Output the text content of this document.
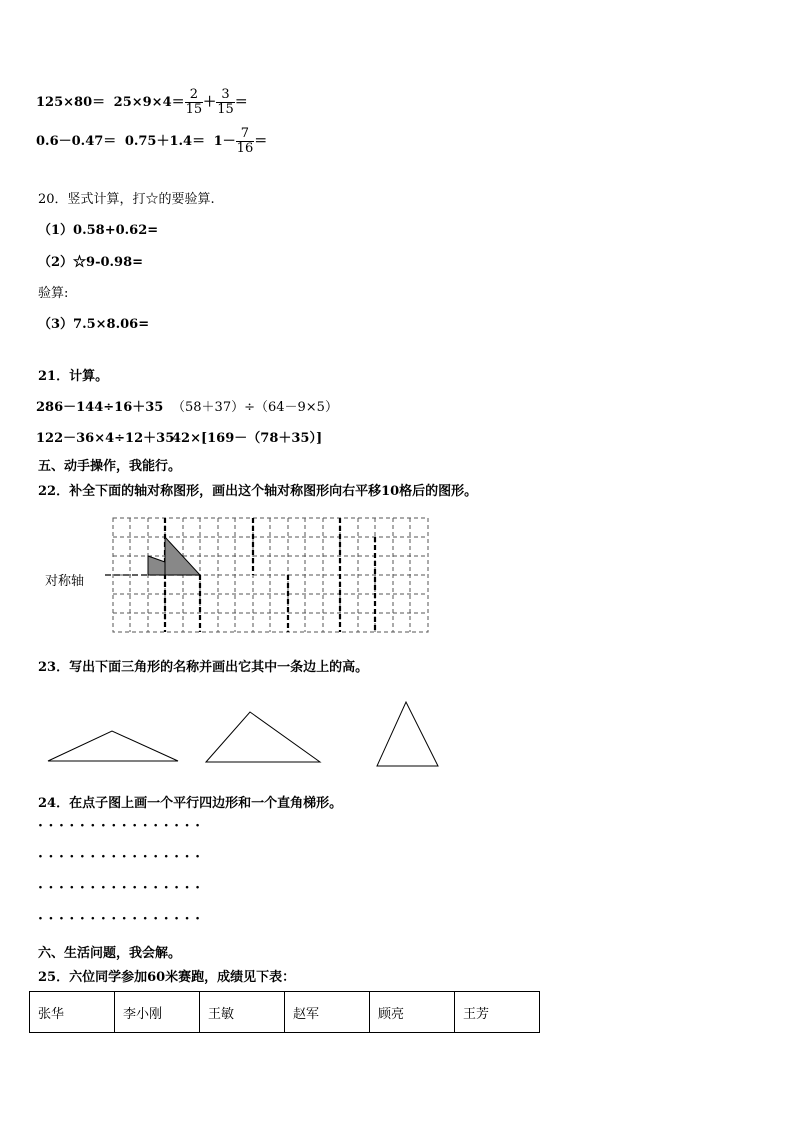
$125\times 80= 25\times 9\times 4= \frac{2}{15} + \frac{3}{15}$ ＝
$0.6-0.47= 0.75+1.4= 1- \frac{7}{16}$ ＝
20．竖式计算，打☆的要验算.
（1）0.58+0.62=
（2）☆9-0.98=
验算:
（3）7.5×8.06=
21．计算。
286－144÷16＋35 （58＋37）÷（64－9×5）
122－36×4÷12＋35
42×[169－（78＋35）]
五、动手操作，我能行。
22．补全下面的轴对称图形，画出这个轴对称图形向右平移10格后的图形。
对称轴
23．写出下面三角形的名称并画出它其中一条边上的高。
24．在点子图上画一个平行四边形和一个直角梯形。
················
················
················
················
六、生活问题，我会解。
25．六位同学参加60米赛跑，成绩见下表：
张华	李小刚	王敏	赵军	顾亮	王芳
